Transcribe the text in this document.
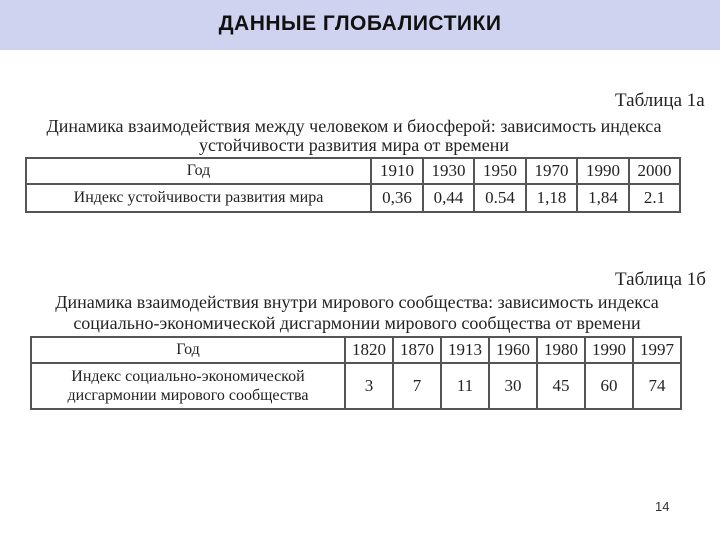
ДАННЫЕ ГЛОБАЛИСТИКИ
Таблица 1а
Динамика взаимодействия между человеком и биосферой: зависимость индекса
устойчивости развития мира от времени
Год	1910	1930	1950	1970	1990	2000
Индекс устойчивости развития мира	0,36	0,44	0.54	1,18	1,84	2.1
Таблица 1б
Динамика взаимодействия внутри мирового сообщества: зависимость индекса
социально-экономической дисгармонии мирового сообщества от времени
Год	1820	1870	1913	1960	1980	1990	1997

Индекс социально-экономической
дисгармонии мирового сообщества	3	7	11	30	45	60	74
14
